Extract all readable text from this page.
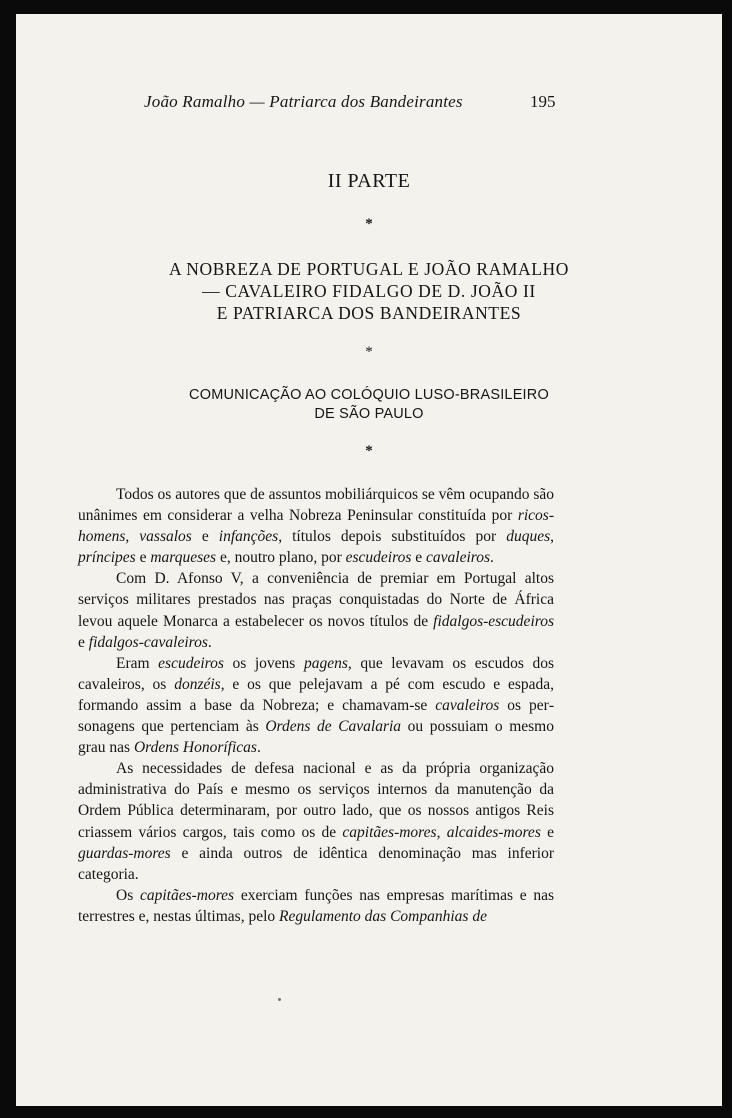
João Ramalho — Patriarca dos Bandeirantes	195
II PARTE
*
A NOBREZA DE PORTUGAL E JOÃO RAMALHO
— CAVALEIRO FIDALGO DE D. JOÃO II
E PATRIARCA DOS BANDEIRANTES
*
COMUNICAÇÃO AO COLÓQUIO LUSO-BRASILEIRO
DE SÃO PAULO
*

Todos os autores que de assuntos mobiliárquicos se vêm ocupando são unânimes em considerar a velha Nobreza Peninsular constituída por ricos-homens, vassalos e infanções, títulos depois substituídos por duques, príncipes e marqueses e, noutro plano, por escudeiros e cavaleiros.

Com D. Afonso V, a conveniência de premiar em Portugal altos serviços militares prestados nas praças conquistadas do Norte de África levou aquele Monarca a estabelecer os novos títulos de fidalgos-escudeiros e fidalgos-cavaleiros.

Eram escudeiros os jovens pagens, que levavam os escudos dos cavaleiros, os donzéis, e os que pelejavam a pé com escudo e espada, formando assim a base da Nobreza; e chamavam-se cavaleiros os personagens que pertenciam às Ordens de Cavalaria ou possuiam o mesmo grau nas Ordens Honoríficas.

As necessidades de defesa nacional e as da própria organização administrativa do País e mesmo os serviços internos da manutenção da Ordem Pública determinaram, por outro lado, que os nossos antigos Reis criassem vários cargos, tais como os de capitães-mores, alcaides-mores e guardas-mores e ainda outros de idêntica denominação mas inferior categoria.

Os capitães-mores exerciam funções nas empresas marítimas e nas terrestres e, nestas últimas, pelo Regulamento das Companhias de
